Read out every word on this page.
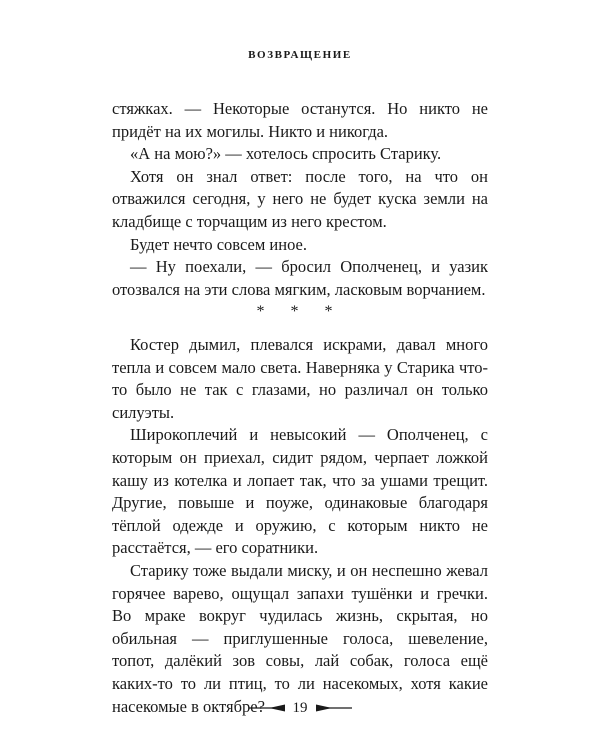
ВОЗВРАЩЕНИЕ

стяжках. — Некоторые останутся. Но никто не придёт на их могилы. Никто и никогда.

«А на мою?» — хотелось спросить Старику.

Хотя он знал ответ: после того, на что он отважился сегодня, у него не будет куска земли на кладбище с торчащим из него крестом.

Будет нечто совсем иное.

— Ну поехали, — бросил Ополченец, и уазик отозвался на эти слова мягким, ласковым ворчанием.

* * *

Костер дымил, плевался искрами, давал много тепла и совсем мало света. Наверняка у Старика что-то было не так с глазами, но различал он только силуэты.

Широкоплечий и невысокий — Ополченец, с которым он приехал, сидит рядом, черпает ложкой кашу из котелка и лопает так, что за ушами трещит. Другие, повыше и поуже, одинаковые благодаря тёплой одежде и оружию, с которым никто не расстаётся, — его соратники.

Старику тоже выдали миску, и он неспешно жевал горячее варево, ощущал запахи тушёнки и гречки. Во мраке вокруг чудилась жизнь, скрытая, но обильная — приглушенные голоса, шевеление, топот, далёкий зов совы, лай собак, голоса ещё каких-то то ли птиц, то ли насекомых, хотя какие насекомые в октябре?	19
